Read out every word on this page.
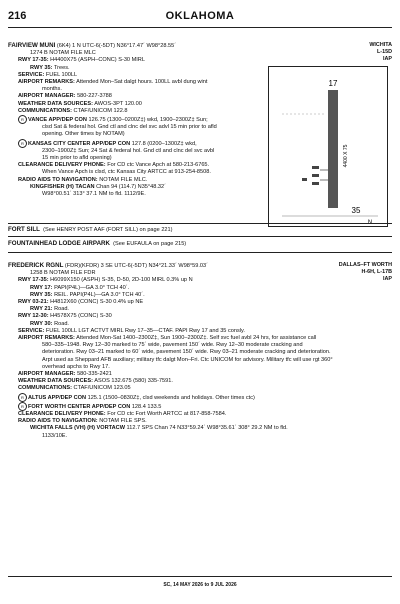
216	OKLAHOMA
FAIRVIEW MUNI (6K4) 1 N UTC-6(-5DT) N36°17.47´ W98°28.55´
1274 B NOTAM FILE MLC
RWY 17-35: H4400X75 (ASPH–CONC) S-30 MIRL
RWY 35: Trees.
SERVICE: FUEL 100LL
AIRPORT REMARKS: Attended Mon–Sat dalgt hours. 100LL avbl dung wint
months.
AIRPORT MANAGER: 580-227-3788
WEATHER DATA SOURCES: AWOS-3PT 120.00
COMMUNICATIONS: CTAF/UNICOM 122.8
R VANCE APP/DEP CON 126.75 (1300–0200Z‡) wkd, 1900–2300Z‡ Sun;
clsd Sat & federal hol. Gnd ctl and clnc del svc advl 15 min prior to afld
opening. Other times by NOTAM)
R KANSAS CITY CENTER APP/DEP CON 127.8 (0200–1300Z‡ wkd,
2300–1900Z‡ Sun; 24 Sat & federal hol. Gnd ctl and clnc del svc avbl
15 min prior to afld opening)
CLEARANCE DELIVERY PHONE: For CD ctc Vance Apch at 580-213-6765.
When Vance Apch is clsd, ctc Kansas City ARTCC at 913-254-8508.
RADIO AIDS TO NAVIGATION: NOTAM FILE MLC.
KINGFISHER (H) TACAN Chan 94 (114.7) N35°48.32´
W98°00.51´ 313° 37.1 NM to fld. 1112/9E.
WICHITA
L-15D
IAP
17
35
4400 X 75
N
FORT SILL (See HENRY POST AAF (FORT SILL) on page 221)
FOUNTAINHEAD LODGE AIRPARK (See EUFAULA on page 215)
FREDERICK RGNL (FDR)(KFDR) 3 SE UTC-6(-5DT) N34°21.33´ W98°59.03´
1258 B NOTAM FILE FDR
RWY 17-35: H6099X150 (ASPH) S-35, D-50, 2D-100 MIRL 0.3% up N
RWY 17: PAPI(P4L)—GA 3.0° TCH 40´.
RWY 35: REIL. PAPI(P4L)—GA 3.0° TCH 40´.
RWY 03-21: H4812X60 (CONC) S-30 0.4% up NE
RWY 21: Road.
RWY 12-30: H4578X75 (CONC) S-30
RWY 30: Road.
SERVICE: FUEL 100LL LGT ACTVT MIRL Rwy 17–35—CTAF. PAPI Rwy 17 and 35 consly.
AIRPORT REMARKS: Attended Mon-Sat 1400–2300Z‡, Sun 1900–2300Z‡. Self svc fuel avbl 24 hrs, for assistance call
580–335–1948. Rwy 12–30 marked to 75´ wide, pavement 150´ wide. Rwy 12–30 moderate cracking and
deterioration. Rwy 03–21 marked to 60´ wide, pavement 150´ wide. Rwy 03–21 moderate cracking and deterioration.
Arpt used as Sheppard AFB auxiliary; military tfc dalgt Mon–Fri. Ctc UNICOM for advisory. Military tfc will use rgt 360°
overhead apchs to Rwy 17.
AIRPORT MANAGER: 580-335-2421
WEATHER DATA SOURCES: ASOS 132.675 (580) 335-7591.
COMMUNICATIONS: CTAF/UNICOM 123.05
R ALTUS APP/DEP CON 125.1 (1500–0830Z‡, clsd weekends and holidays. Other times ctc)
R FORT WORTH CENTER APP/DEP CON 128.4 133.5
CLEARANCE DELIVERY PHONE: For CD ctc Fort Worth ARTCC at 817-858-7584.
RADIO AIDS TO NAVIGATION: NOTAM FILE SPS.
WICHITA FALLS (VH) (H) VORTACW 112.7 SPS Chan 74 N33°59.24´ W98°35.61´ 308° 29.2 NM to fld.
1133/10E.
DALLAS–FT WORTH
H-6H, L-17B
IAP
SC, 14 MAY 2026 to 9 JUL 2026
